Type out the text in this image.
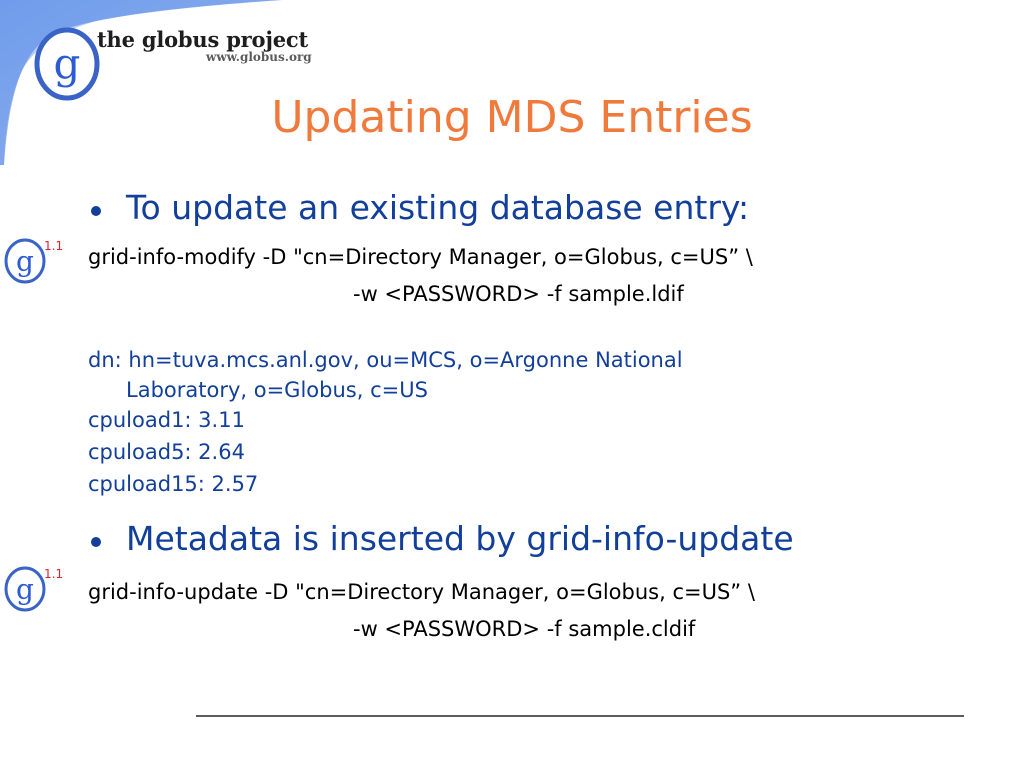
g the globus project
www.globus.org
Updating MDS Entries
To update an existing database entry:
g 1.1 grid-info-modify -D "cn=Directory Manager, o=Globus, c=US” \
-w <PASSWORD> -f sample.ldif
dn: hn=tuva.mcs.anl.gov, ou=MCS, o=Argonne National
Laboratory, o=Globus, c=US
cpuload1: 3.11
cpuload5: 2.64
cpuload15: 2.57
Metadata is inserted by grid-info-update
g 1.1
grid-info-update -D "cn=Directory Manager, o=Globus, c=US” \
-w <PASSWORD> -f sample.cldif
